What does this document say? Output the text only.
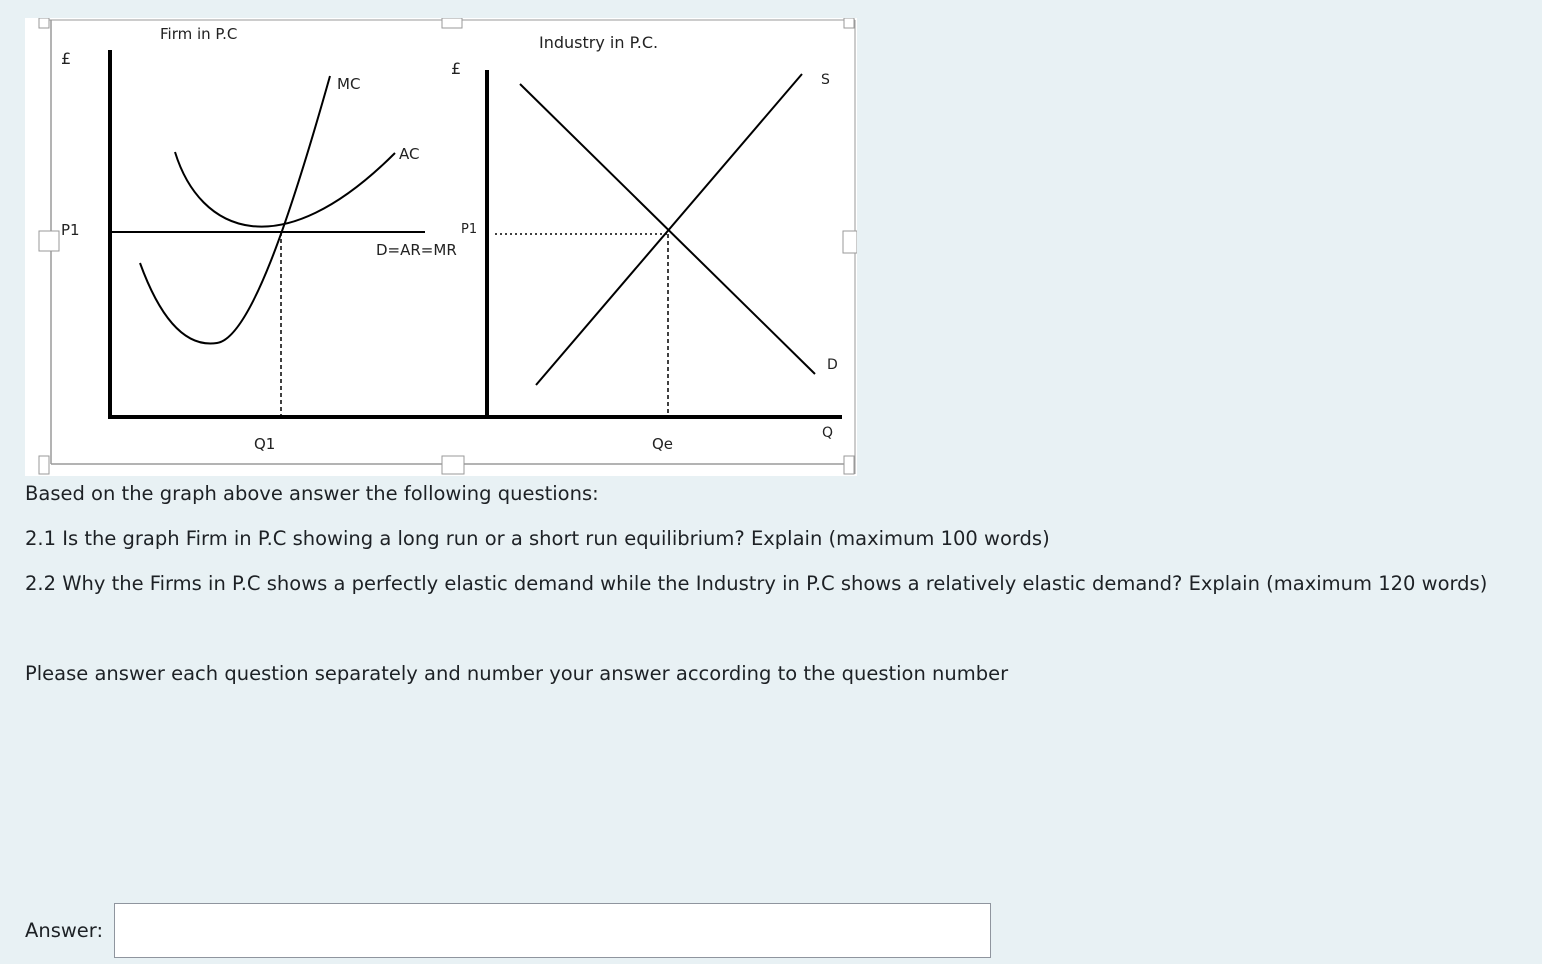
Firm in P.C	Industry in P.C.
£
£
MC
AC
P1	P1
D=AR=MR
S
D
Q
Q1	Qe

Based on the graph above answer the following questions:

2.1 Is the graph Firm in P.C showing a long run or a short run equilibrium? Explain (maximum 100 words)

2.2 Why the Firms in P.C shows a perfectly elastic demand while the Industry in P.C shows a relatively elastic demand? Explain (maximum 120 words)

Please answer each question separately and number your answer according to the question number

Answer:
